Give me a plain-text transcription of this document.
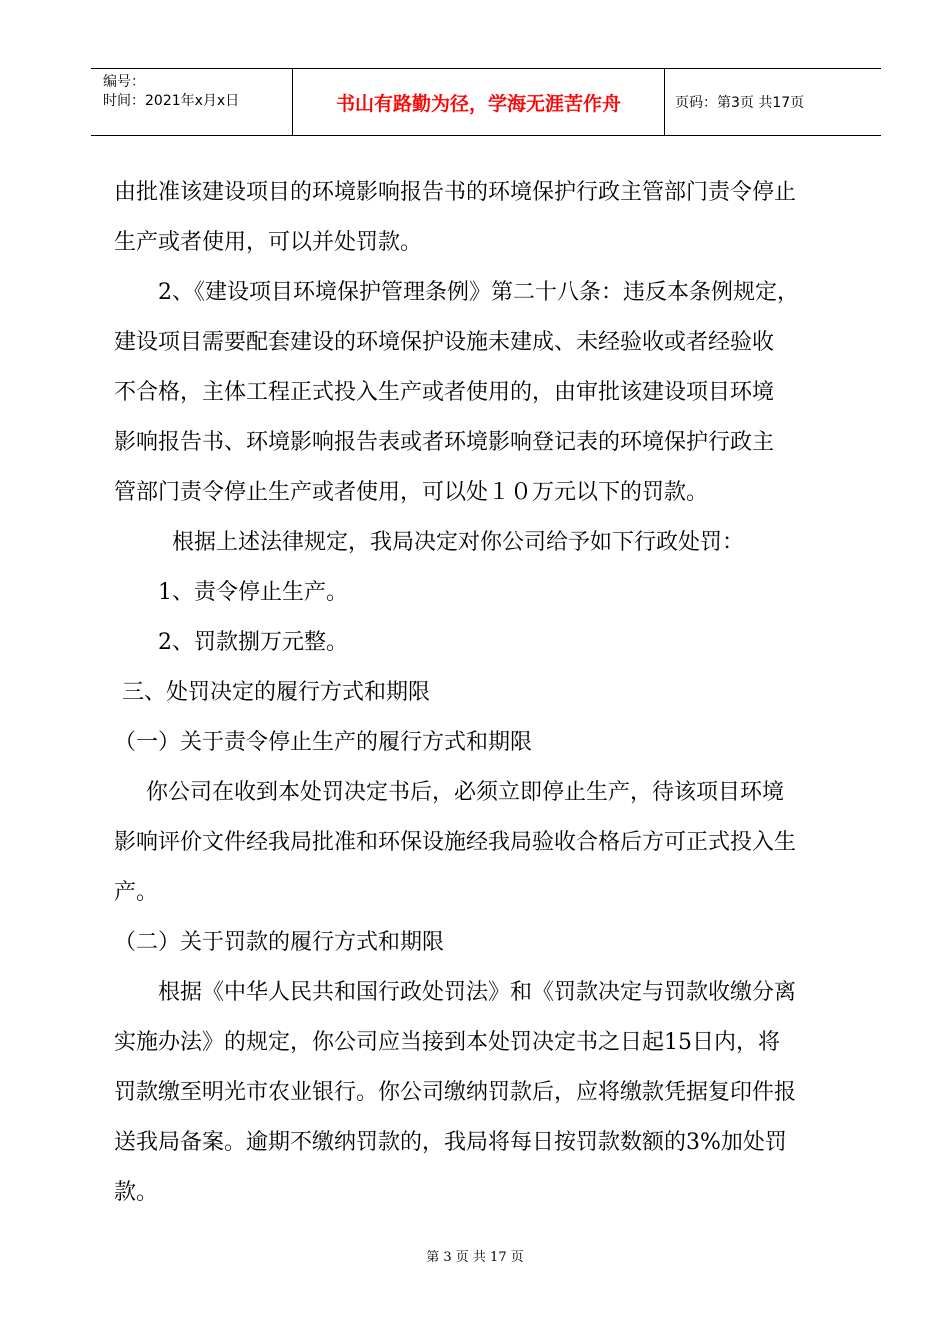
编号：
时间：2021年x月x日	书山有路勤为径，学海无涯苦作舟	页码：第3页 共17页
由批准该建设项目的环境影响报告书的环境保护行政主管部门责令停止
生产或者使用，可以并处罚款。
2、《建设项目环境保护管理条例》第二十八条：违反本条例规定，
建设项目需要配套建设的环境保护设施未建成、未经验收或者经验收
不合格，主体工程正式投入生产或者使用的，由审批该建设项目环境
影响报告书、环境影响报告表或者环境影响登记表的环境保护行政主
管部门责令停止生产或者使用，可以处１０万元以下的罚款。
根据上述法律规定，我局决定对你公司给予如下行政处罚：
1、责令停止生产。
2、罚款捌万元整。
三、处罚决定的履行方式和期限
（一）关于责令停止生产的履行方式和期限
你公司在收到本处罚决定书后，必须立即停止生产，待该项目环境
影响评价文件经我局批准和环保设施经我局验收合格后方可正式投入生
产。
（二）关于罚款的履行方式和期限
根据《中华人民共和国行政处罚法》和《罚款决定与罚款收缴分离
实施办法》的规定，你公司应当接到本处罚决定书之日起15日内，将
罚款缴至明光市农业银行。你公司缴纳罚款后，应将缴款凭据复印件报
送我局备案。逾期不缴纳罚款的，我局将每日按罚款数额的3%加处罚
款。
第 3 页 共 17 页
